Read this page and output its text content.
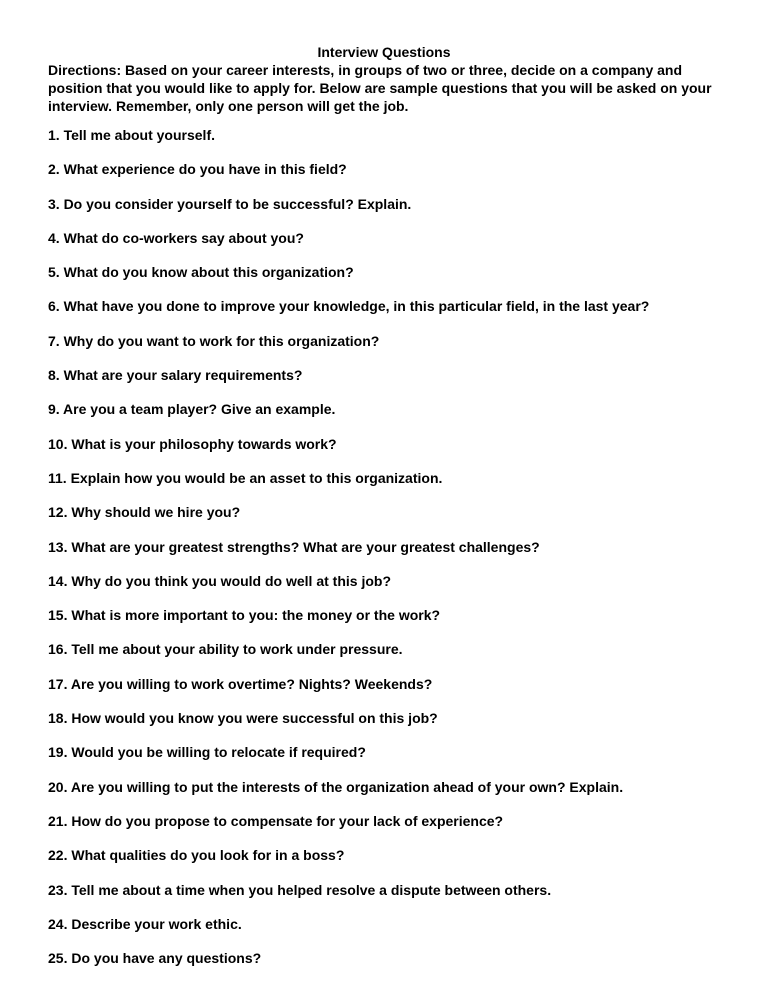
Interview Questions

Directions: Based on your career interests, in groups of two or three, decide on a company and position that you would like to apply for. Below are sample questions that you will be asked on your interview. Remember, only one person will get the job.

1. Tell me about yourself.
2. What experience do you have in this field?
3. Do you consider yourself to be successful? Explain.
4. What do co-workers say about you?
5. What do you know about this organization?
6. What have you done to improve your knowledge, in this particular field, in the last year?
7. Why do you want to work for this organization?
8. What are your salary requirements?
9. Are you a team player? Give an example.
10. What is your philosophy towards work?
11. Explain how you would be an asset to this organization.
12. Why should we hire you?
13. What are your greatest strengths? What are your greatest challenges?
14. Why do you think you would do well at this job?
15. What is more important to you: the money or the work?
16. Tell me about your ability to work under pressure.
17. Are you willing to work overtime? Nights? Weekends?
18. How would you know you were successful on this job?
19. Would you be willing to relocate if required?
20. Are you willing to put the interests of the organization ahead of your own? Explain.
21. How do you propose to compensate for your lack of experience?
22. What qualities do you look for in a boss?
23. Tell me about a time when you helped resolve a dispute between others.
24. Describe your work ethic.
25. Do you have any questions?
